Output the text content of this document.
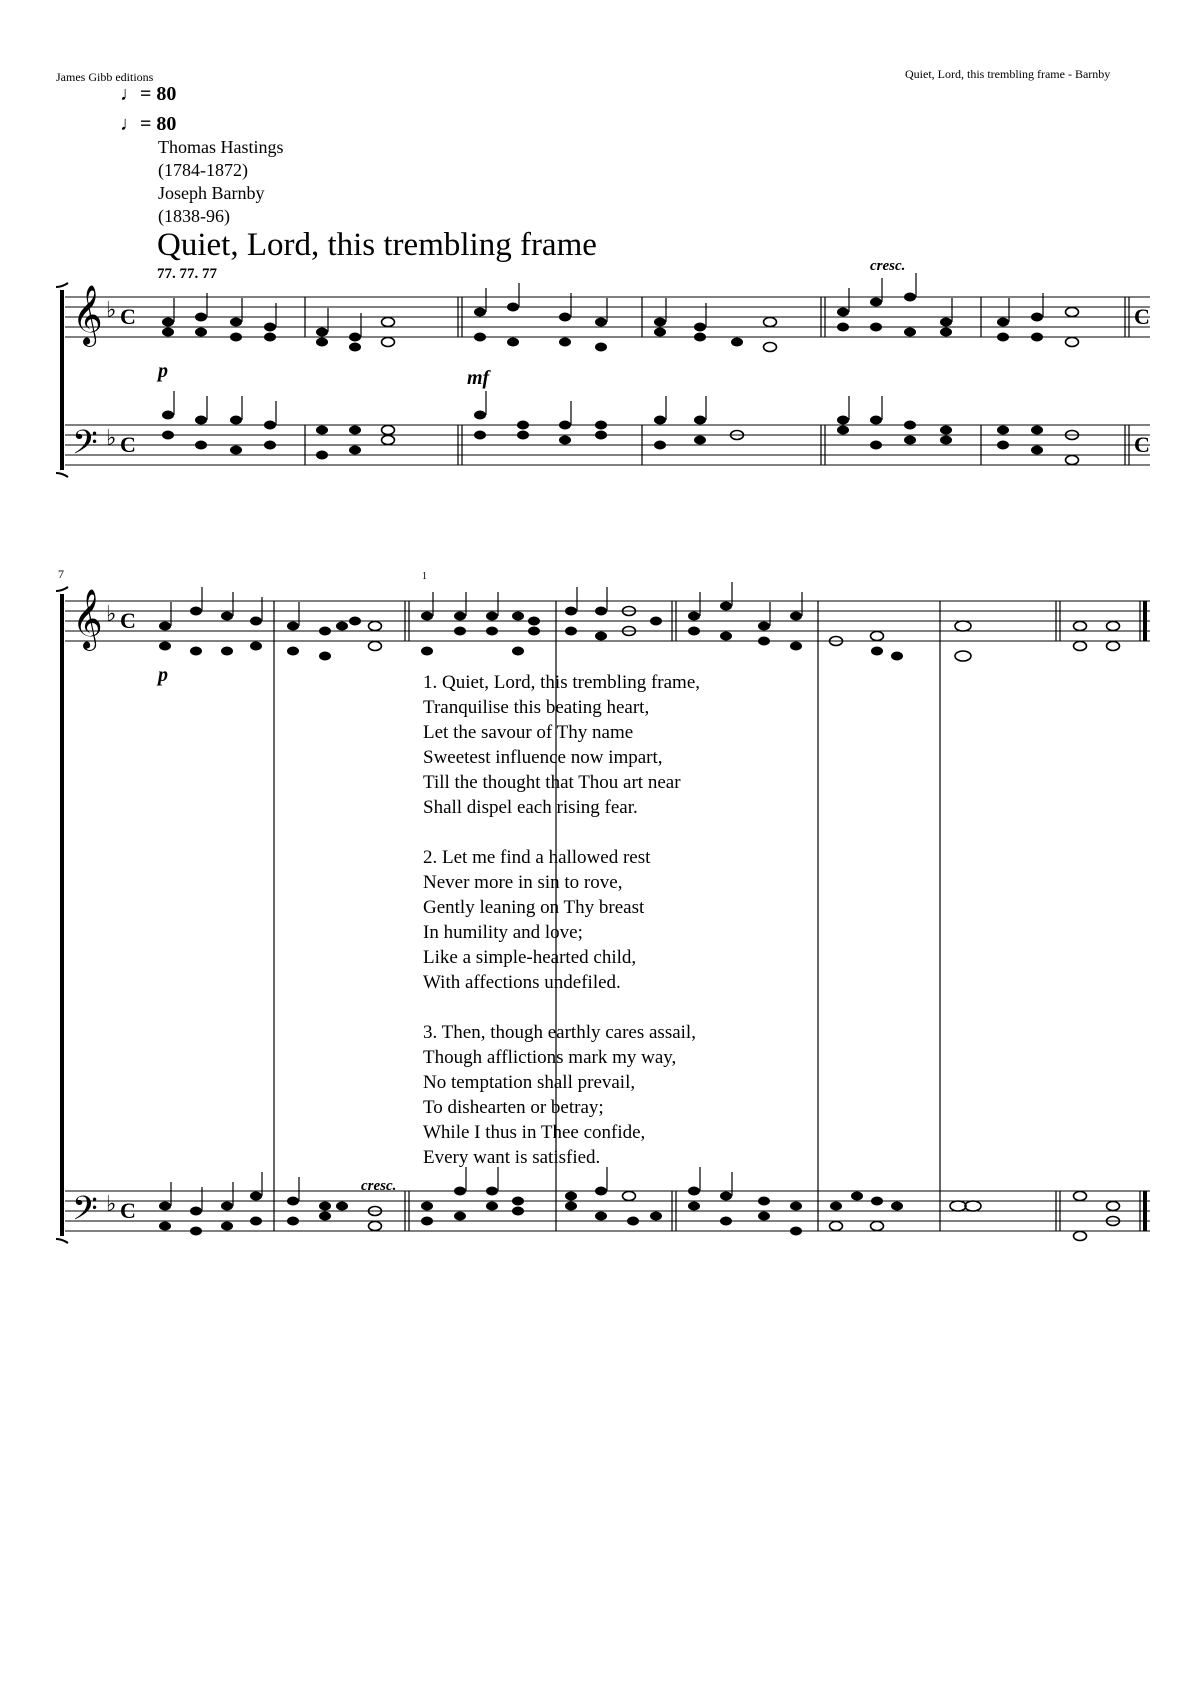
James Gibb editions	Quiet, Lord, this trembling frame - Barnby
♩= 80
♩= 80
Thomas Hastings
(1784-1872)
Joseph Barnby
(1838-96)
Quiet, Lord, this trembling frame
77. 77. 77
𝄞
𝄢
𝄞
𝄢
♭
♭
♭
♭
C
C
C
C
C
C
p	mf
cresc.
p
cresc.
7	1
1. Quiet, Lord, this trembling frame,
Tranquilise this beating heart,
Let the savour of Thy name
Sweetest influence now impart,
Till the thought that Thou art near
Shall dispel each rising fear.
2. Let me find a hallowed rest
Never more in sin to rove,
Gently leaning on Thy breast
In humility and love;
Like a simple-hearted child,
With affections undefiled.
3. Then, though earthly cares assail,
Though afflictions mark my way,
No temptation shall prevail,
To dishearten or betray;
While I thus in Thee confide,
Every want is satisfied.
